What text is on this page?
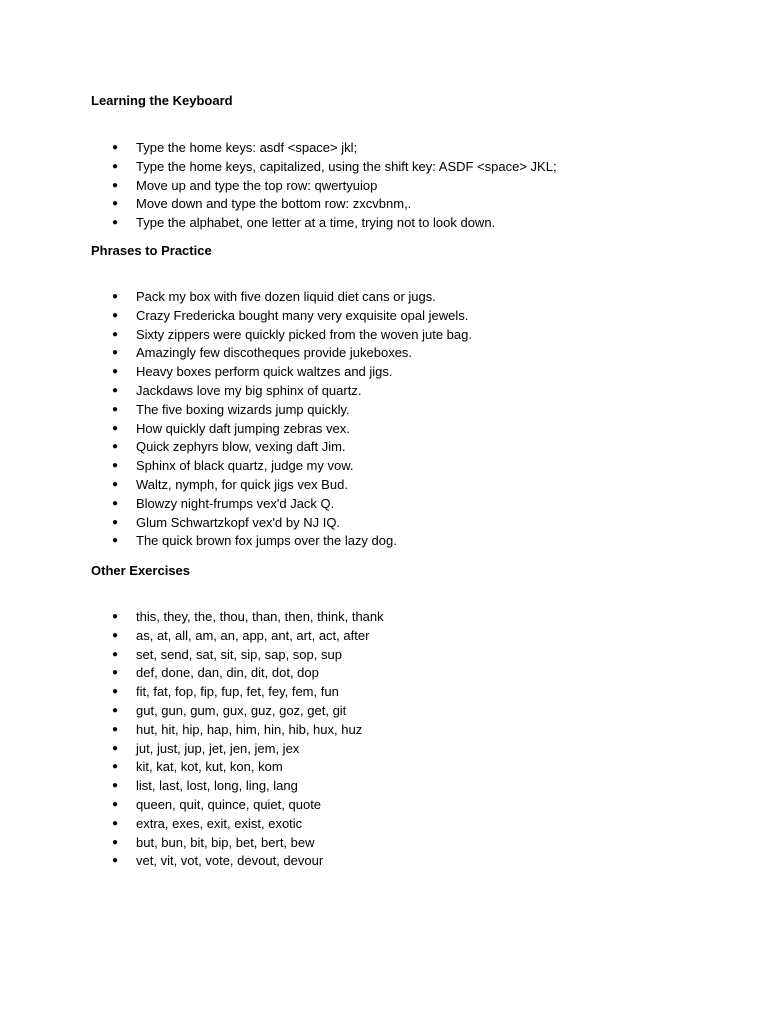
Learning the Keyboard
● Type the home keys: asdf <space> jkl;
● Type the home keys, capitalized, using the shift key: ASDF <space> JKL;
● Move up and type the top row: qwertyuiop
● Move down and type the bottom row: zxcvbnm,.
● Type the alphabet, one letter at a time, trying not to look down.
Phrases to Practice
● Pack my box with five dozen liquid diet cans or jugs.
● Crazy Fredericka bought many very exquisite opal jewels.
● Sixty zippers were quickly picked from the woven jute bag.
● Amazingly few discotheques provide jukeboxes.
● Heavy boxes perform quick waltzes and jigs.
● Jackdaws love my big sphinx of quartz.
● The five boxing wizards jump quickly.
● How quickly daft jumping zebras vex.
● Quick zephyrs blow, vexing daft Jim.
● Sphinx of black quartz, judge my vow.
● Waltz, nymph, for quick jigs vex Bud.
● Blowzy night-frumps vex'd Jack Q.
● Glum Schwartzkopf vex'd by NJ IQ.
● The quick brown fox jumps over the lazy dog.
Other Exercises
● this, they, the, thou, than, then, think, thank
● as, at, all, am, an, app, ant, art, act, after
● set, send, sat, sit, sip, sap, sop, sup
● def, done, dan, din, dit, dot, dop
● fit, fat, fop, fip, fup, fet, fey, fem, fun
● gut, gun, gum, gux, guz, goz, get, git
● hut, hit, hip, hap, him, hin, hib, hux, huz
● jut, just, jup, jet, jen, jem, jex
● kit, kat, kot, kut, kon, kom
● list, last, lost, long, ling, lang
● queen, quit, quince, quiet, quote
● extra, exes, exit, exist, exotic
● but, bun, bit, bip, bet, bert, bew
● vet, vit, vot, vote, devout, devour
